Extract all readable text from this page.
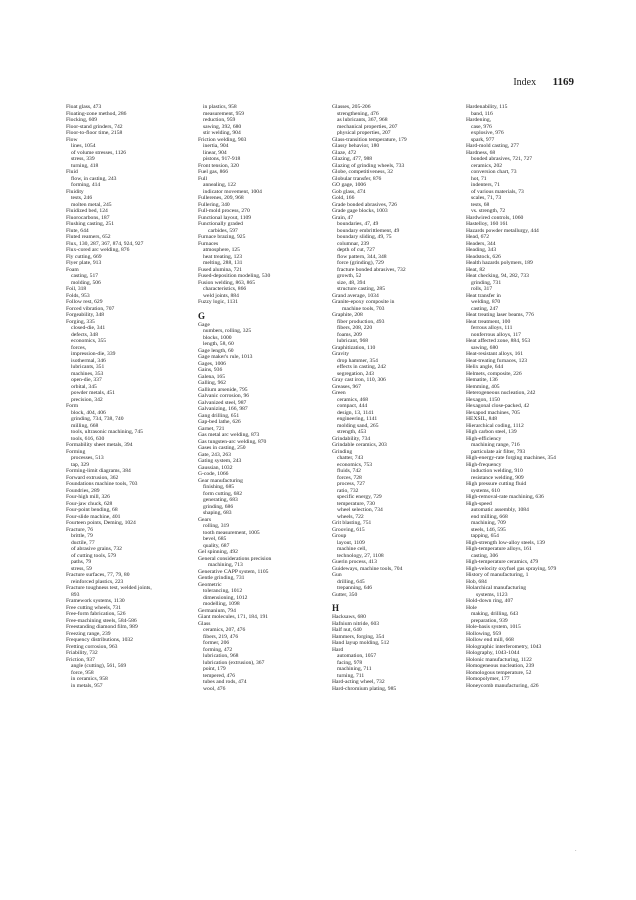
Index 1169
Float glass, 473
Floating-zone method, 286
Flocking, 609
Floor-stand grinders, 742
Floor-to-floor time, 2158
Flow
lines, 1054
of volume stresses, 1126
stress, 339
turning, 418
Fluid
flow, in casting, 243
forming, 414
Fluidity
tests, 246
molten metal, 245
Fluidized bed, 124
Fluorocarbons, 187
Flushing casting, 251
Flute, 644
Fluted reamers, 652
Flux, 130, 287, 367, 874, 924, 927
Flux-cored arc welding, 876
Fly cutting, 669
Flyer plate, 913
Foam
casting, 517
molding, 506
Foil, 318
Folds, 953
Follow rest, 629
Forced vibration, 707
Forgeability, 348
Forging, 335
closed-die, 341
defects, 348
economics, 355
forces,
impression-die, 339
isothermal, 346
lubricants, 351
machines, 353
open-die, 337
orbital, 345
powder metals, 451
precision, 342
Form
block, 404, 406
grinding, 734, 738, 740
milling, 668
tools, ultrasonic machining, 745
tools, 616, 630
Formability sheet metals, 394
Forming
processes, 513
tap, 329
Forming-limit diagrams, 384
Forward extrusion, 362
Foundations machine tools, 703
Foundries, 289
Four-high mill, 326
Four-jaw chuck, 628
Four-point bending, 68
Four-slide machine, 401
Fourteen points, Deming, 1024
Fracture, 76
brittle, 79
ductile, 77
of abrasive grains, 732
of cutting tools, 579
paths, 79
stress, 59
Fracture surfaces, 77, 79, 80
reinforced plastics, 223
Fracture toughness test, welded joints,
893
Framework systems, 1130
Free cutting wheels, 731
Free-form fabrication, 526
Free-machining steels, 584-586
Freestanding diamond film, 989
Freezing range, 239
Frequency distributions, 1032
Fretting corrosion, 963
Friability, 732
Friction, 937
angle (cutting), 561, 569
force, 958
in ceramics, 958
in metals, 957
in plastics, 958
measurement, 959
reduction, 959
sawing, 392, 680
stir welding, 904
Friction welding, 903
inertia, 904
linear, 904
pistons, 917-918
Front tension, 320
Fuel gas, 866
Full
annealing, 122
indicator movement, 1004
Fullerenes, 209, 968
Fullering, 340
Full-mold process, 270
Functional layout, 1109
Functionally graded
carbides, 597
Furnace brazing, 925
Furnaces
atmosphere, 125
heat treating, 123
melting, 288, 131
Fused alumina, 721
Fused-deposition modeling, 530
Fusion welding, 863, 865
characteristics, 866
weld joints, 884
Fuzzy logic, 1131
G
Gage
numbers, rolling, 325
blocks, 1000
length, 58, 60
Gage length, 60
Gage maker's rule, 1013
Gages, 1006
Gains, 936
Galena, 165
Galling, 962
Gallium arsenide, 795
Galvanic corrosion, 96
Galvanized steel, 987
Galvanizing, 166, 987
Gang drilling, 651
Gap-bed lathe, 626
Garnet, 721
Gas metal arc welding, 873
Gas tungsten-arc welding, 870
Gases in casting, 250
Gate, 243, 263
Gating system, 243
Gaussian, 1032
G-code, 1066
Gear manufacturing
finishing, 685
form cutting, 682
generating, 683
grinding, 686
shaping, 683
Gears
rolling, 319
tooth measurement, 1005
bevel, 685
quality, 687
Gel spinning, 492
General considerations precision
machining, 713
Generative CAPP system, 1105
Gentle grinding, 731
Geometric
tolerancing, 1012
dimensioning, 1012
modelling, 1098
Germanium, 794
Giant molecules, 171, 184, 191
Glass
ceramics, 207, 476
fibers, 219, 476
former, 206
forming, 472
lubrication, 968
lubrication (extrusion), 367
point, 179
tempered, 476
tubes and rods, 474
wool, 476
Glasses, 205-206
strengthening, 476
as lubricants, 367, 968
mechanical properties, 207
physical properties, 207
Glass-transition temperature, 179
Glassy behavior, 180
Glaze, 472
Glazing, 477, 988
Glazing of grinding wheels, 733
Globe, competitiveness, 32
Globular transfer, 876
GO gage, 1006
Gob glass, 474
Gold, 166
Grade bonded abrasives, 726
Grade gage blocks, 1003
Grain, 47
boundaries, 47, 49
boundary embrittlement, 49
boundary sliding, 49, 75
columnar, 239
depth of cut, 727
flow pattern, 344, 348
force (grinding), 729
fracture bonded abrasives, 732
growth, 52
size, 48, 394
structure casting, 285
Grand average, 1034
Granite-epoxy composite in
machine tools, 703
Graphite, 208
fiber production, 493
fibers, 208, 220
foams, 209
lubricant, 968
Graphitization, 110
Gravity
drop hammer, 354
effects in casting, 242
segregation, 243
Gray cast iron, 110, 306
Greases, 967
Green
ceramics, 468
compact, 444
design, 13, 1141
engineering, 1141
molding sand, 265
strength, 453
Grindability, 734
Grindable ceramics, 203
Grinding
chatter, 743
economics, 753
fluids, 742
forces, 728
process, 727
ratio, 732
specific energy, 729
temperature, 730
wheel selection, 734
wheels, 722
Grit blasting, 751
Grooving, 615
Group
layout, 1109
machine cell,
technology, 27, 1108
Guerin process, 413
Guideways, machine tools, 704
Gun
drilling, 645
trepanning, 646
Gutter, 350
H
Hacksaws, 680
Hafnium nitride, 603
Half nut, 640
Hammers, forging, 354
Hand layup molding, 512
Hard
automation, 1057
facing, 978
machining, 711
turning, 711
Hard-acting wheel, 732
Hard-chromium plating, 985
Hardenability, 115
band, 116
Hardening,
case, 976
explosive, 976
spark, 977
Hard-mold casting, 277
Hardness, 68
bonded abrasives, 721, 727
ceramics, 202
conversion chart, 73
hot, 71
indenters, 71
of various materials, 73
scales, 71, 73
tests, 68
vs. strength, 72
Hardwired controls, 1060
Hastelloy, 160 161
Hazards powder metallurgy, 444
Head, 672
Headers, 344
Heading, 343
Headstock, 626
Health hazards polymers, 189
Heat, 82
Heat checking, 94, 282, 733
grinding, 731
rolls, 317
Heat transfer in
welding, 870
casting, 247
Heat treating laser beams, 776
Heat treatment, 100
ferrous alloys, 111
nonferrous alloys, 117
Heat affected zone, 884, 953
sawing, 680
Heat-resistant alloys, 161
Heat-treating furnaces, 123
Helix angle, 644
Helmets, composite, 226
Hematite, 136
Hemming, 405
Heterogeneous nucleation, 242
Hexagon, 1150
Hexagonal close-packed, 42
Hexapod machines, 705
HEXSIL, 848
Hierarchical coding, 1112
High carbon steel, 139
High-efficiency
machining range, 716
particulate air filter, 793
High-energy-rate forging machines, 354
High-frequency
induction welding, 910
resistance welding, 909
High pressure cutting fluid
systems, 610
High-removal-rate machining, 636
High-speed
automatic assembly, 1084
end milling, 668
machining, 709
steels, 146, 595
tapping, 654
High-strength low-alloy steels, 139
High-temperature alloys, 161
casting, 306
High-temperature ceramics, 479
High-velocity oxyfuel gas spraying, 979
History of manufacturing, 1
Hob, 684
Holarchical manufacturing
systems, 1123
Hold-down ring, 407
Hole
making, drilling, 643
preparation, 939
Hole-basis system, 1015
Hollowing, 959
Hollow end mill, 668
Holographic interferometry, 1043
Holography, 1043-1044
Holonic manufacturing, 1122
Homogeneous nucleation, 239
Homologous temperature, 52
Homopolymer, 177
Honeycomb manufacturing, 426
·
